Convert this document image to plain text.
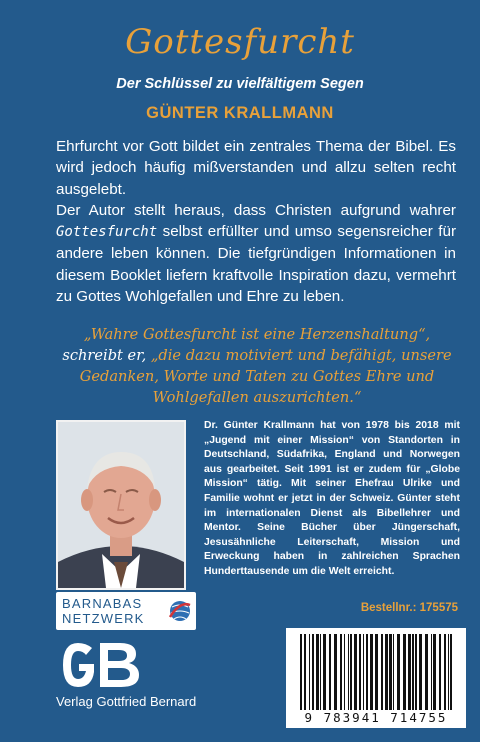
Gottesfurcht
Der Schlüssel zu vielfältigem Segen
GÜNTER KRALLMANN

Ehrfurcht vor Gott bildet ein zentrales Thema der Bibel. Es wird jedoch häufig mißverstanden und allzu selten recht ausgelebt.

Der Autor stellt heraus, dass Christen aufgrund wahrer Gottesfurcht selbst erfüllter und umso segensreicher für andere leben können. Die tiefgründigen Informationen in diesem Booklet liefern kraftvolle Inspiration dazu, vermehrt zu Gottes Wohlgefallen und Ehre zu leben.

„Wahre Gottesfurcht ist eine Herzenshaltung“, schreibt er, „die dazu motiviert und befähigt, unsere Gedanken, Worte und Taten zu Gottes Ehre und Wohlgefallen auszurichten.“
Dr. Günter Krallmann hat von 1978 bis 2018 mit „Jugend mit einer Mission“ von Standorten in Deutschland, Südafrika, England und Norwegen aus gearbeitet. Seit 1991 ist er zudem für „Globe Mission“ tätig. Mit seiner Ehefrau Ulrike und Familie wohnt er jetzt in der Schweiz. Günter steht im internationalen Dienst als Bibellehrer und Mentor. Seine Bücher über Jüngerschaft, Jesusähnliche Leiterschaft, Mission und Erweckung haben in zahlreichen Sprachen Hunderttausende um die Welt erreicht.
Bestellnr.: 175575
BARNABAS
NETZWERK
Verlag Gottfried Bernard
9 783941 714755
